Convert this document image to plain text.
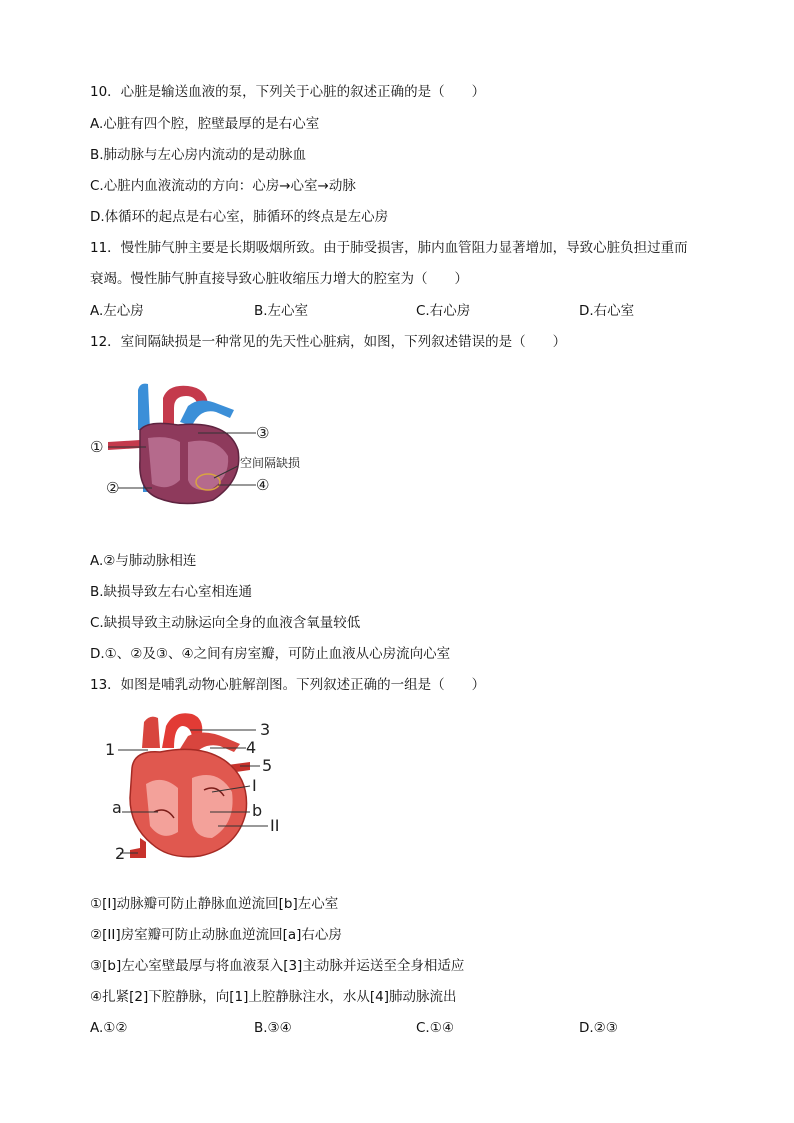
10．心脏是输送血液的泵，下列关于心脏的叙述正确的是（　　）
A.心脏有四个腔，腔壁最厚的是右心室
B.肺动脉与左心房内流动的是动脉血
C.心脏内血液流动的方向：心房→心室→动脉
D.体循环的起点是右心室，肺循环的终点是左心房
11．慢性肺气肿主要是长期吸烟所致。由于肺受损害，肺内血管阻力显著增加，导致心脏负担过重而
衰竭。慢性肺气肿直接导致心脏收缩压力增大的腔室为（　　）
A.左心房	B.左心室	C.右心房	D.右心室
12．室间隔缺损是一种常见的先天性心脏病，如图，下列叙述错误的是（　　）
①
②
③
④
空间隔缺损
A.②与肺动脉相连
B.缺损导致左右心室相连通
C.缺损导致主动脉运向全身的血液含氧量较低
D.①、②及③、④之间有房室瓣，可防止血液从心房流向心室
13．如图是哺乳动物心脏解剖图。下列叙述正确的一组是（　　）
1
2
3
4
5
I
a	b
II
①[I]动脉瓣可防止静脉血逆流回[b]左心室
②[II]房室瓣可防止动脉血逆流回[a]右心房
③[b]左心室壁最厚与将血液泵入[3]主动脉并运送至全身相适应
④扎紧[2]下腔静脉，向[1]上腔静脉注水，水从[4]肺动脉流出
A.①②	B.③④	C.①④	D.②③
